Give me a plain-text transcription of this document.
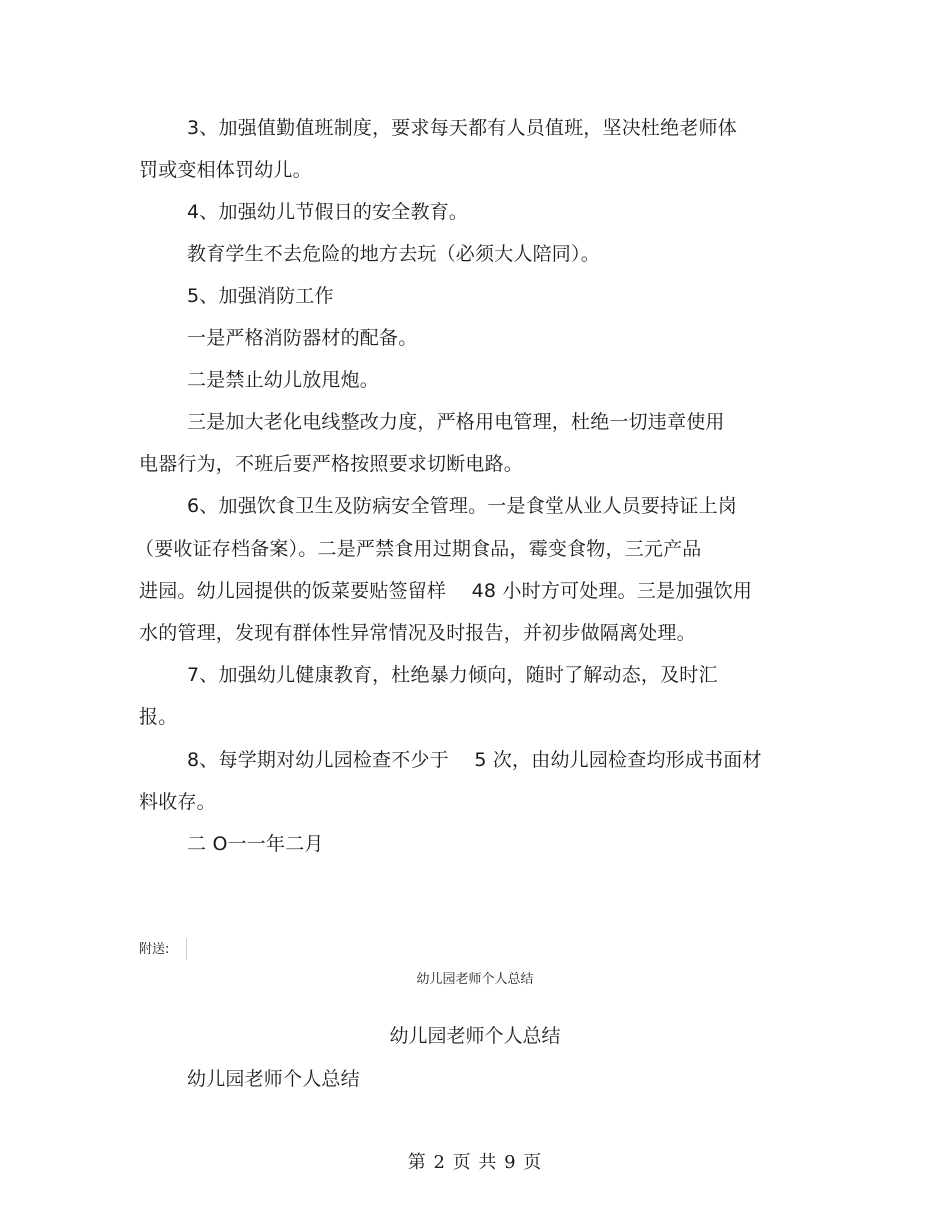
3、加强值勤值班制度，要求每天都有人员值班，坚决杜绝老师体
罚或变相体罚幼儿。
4、加强幼儿节假日的安全教育。
教育学生不去危险的地方去玩（必须大人陪同）。
5、加强消防工作
一是严格消防器材的配备。
二是禁止幼儿放甩炮。
三是加大老化电线整改力度，严格用电管理，杜绝一切违章使用
电器行为，不班后要严格按照要求切断电路。
6、加强饮食卫生及防病安全管理。一是食堂从业人员要持证上岗
（要收证存档备案）。二是严禁食用过期食品，霉变食物，三元产品
进园。幼儿园提供的饭菜要贴签留样　 48 小时方可处理。三是加强饮用
水的管理，发现有群体性异常情况及时报告，并初步做隔离处理。
7、加强幼儿健康教育，杜绝暴力倾向，随时了解动态，及时汇
报。
8、每学期对幼儿园检查不少于　 5 次，由幼儿园检查均形成书面材
料收存。
二 O一一年二月
附送:
幼儿园老师个人总结
幼儿园老师个人总结
幼儿园老师个人总结
第 2 页 共 9 页
